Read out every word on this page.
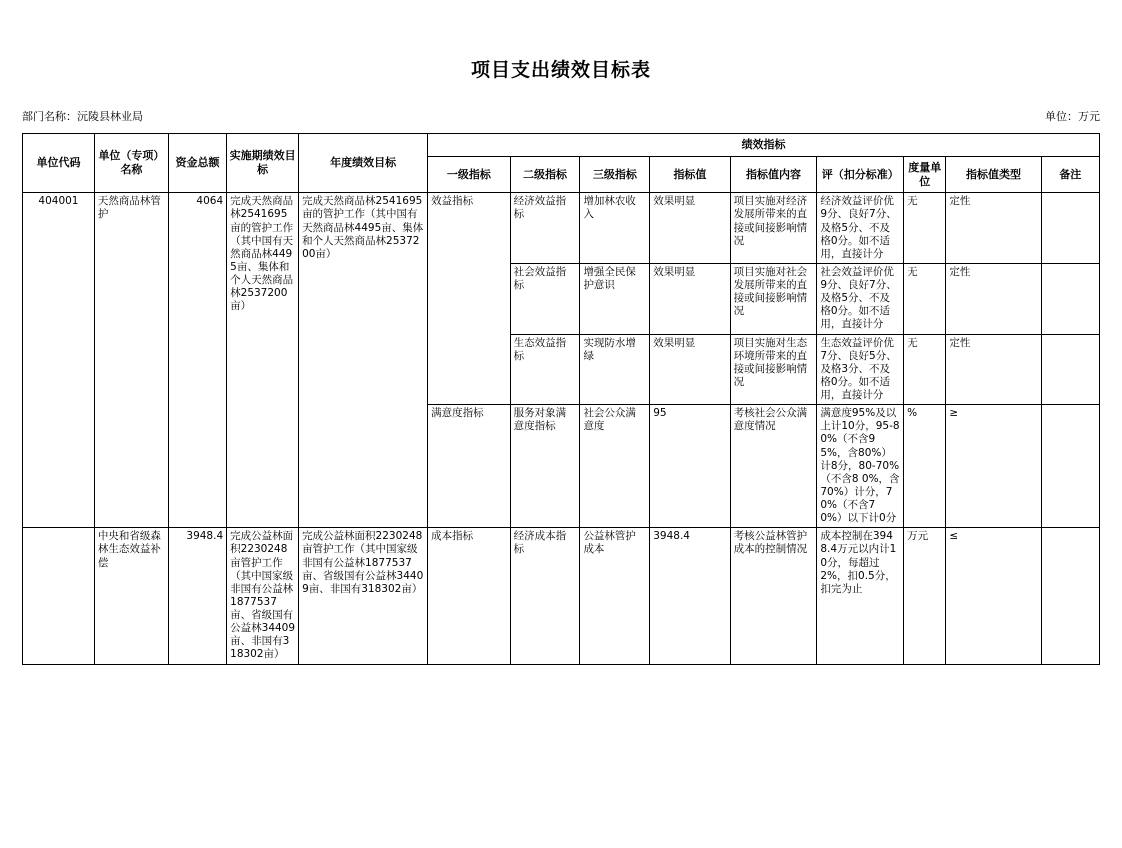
项目支出绩效目标表
部门名称：沅陵县林业局	单位：万元
单位代码	单位（专项）名称	资金总额	实施期绩效目标	年度绩效目标	绩效指标								
					一级指标	二级指标	三级指标	指标值	指标值内容	评（扣分标准）	度量单位	指标值类型	备注
404001	天然商品林管护	4064	完成天然商品林2541695亩的管护工作（其中国有天然商品林4495亩、集体和个人天然商品林2537200亩）	完成天然商品林2541695亩的管护工作（其中国有天然商品林4495亩、集体和个人天然商品林2537200亩）	效益指标	经济效益指标	增加林农收入	效果明显	项目实施对经济发展所带来的直接或间接影响情况	经济效益评价优9分、良好7分、及格5分、不及格0分。如不适用，直接计分	无	定性	
						社会效益指标	增强全民保护意识	效果明显	项目实施对社会发展所带来的直接或间接影响情况	社会效益评价优9分、良好7分、及格5分、不及格0分。如不适用，直接计分	无	定性	
						生态效益指标	实现防水增绿	效果明显	项目实施对生态环境所带来的直接或间接影响情况	生态效益评价优7分、良好5分、及格3分、不及格0分。如不适用，直接计分	无	定性	
					满意度指标	服务对象满意度指标	社会公众满意度	95	考核社会公众满意度情况	满意度95%及以上计10分，95-80%（不含9 5%，含80%）计8分，80-70%（不含8 0%，含70%）计分，7 0%（不含7 0%）以下计0分	%	≥	
	中央和省级森林生态效益补偿	3948.4	完成公益林面积2230248亩管护工作（其中国家级非国有公益林1877537亩、省级国有公益林34409亩、非国有318302亩）	完成公益林面积2230248亩管护工作（其中国家级非国有公益林1877537亩、省级国有公益林34409亩、非国有318302亩）	成本指标	经济成本指标	公益林管护成本	3948.4	考核公益林管护成本的控制情况	成本控制在3948.4万元以内计10分，每超过2%，扣0.5分，扣完为止	万元	≤	
